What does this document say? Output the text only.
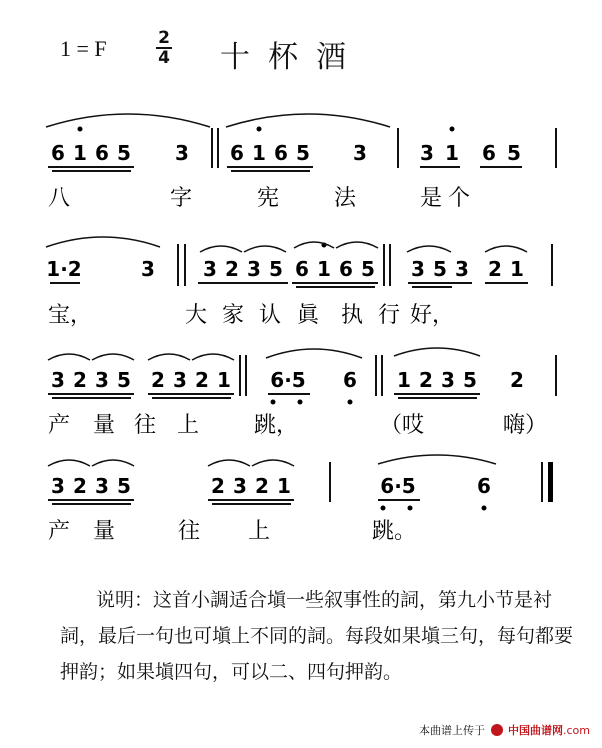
1 = F	2
4 十杯酒
6 1 6 5 3 6 1 6 5 3	3 1 6 5
八	字	宪 法	是 个
1·2	3 3 2 3 5 6 1 6 5 3 5 3 2 1
宝，	大 家 认 眞 执 行 好，
3 2 3 5 2 3 2 1 6·5 6 1 2 3 5 2
产 量 往 上 跳，	（哎	嗨）
3 2 3 5	2 3 2 1	6·5	6
产 量	往 上	跳。

说明：这首小調适合塡一些叙事性的詞，第九小节是衬詞，最后一句也可塡上不同的詞。每段如果塡三句，每句都要押韵；如果塡四句，可以二、四句押韵。

本曲谱上传于 中国曲谱网.com
